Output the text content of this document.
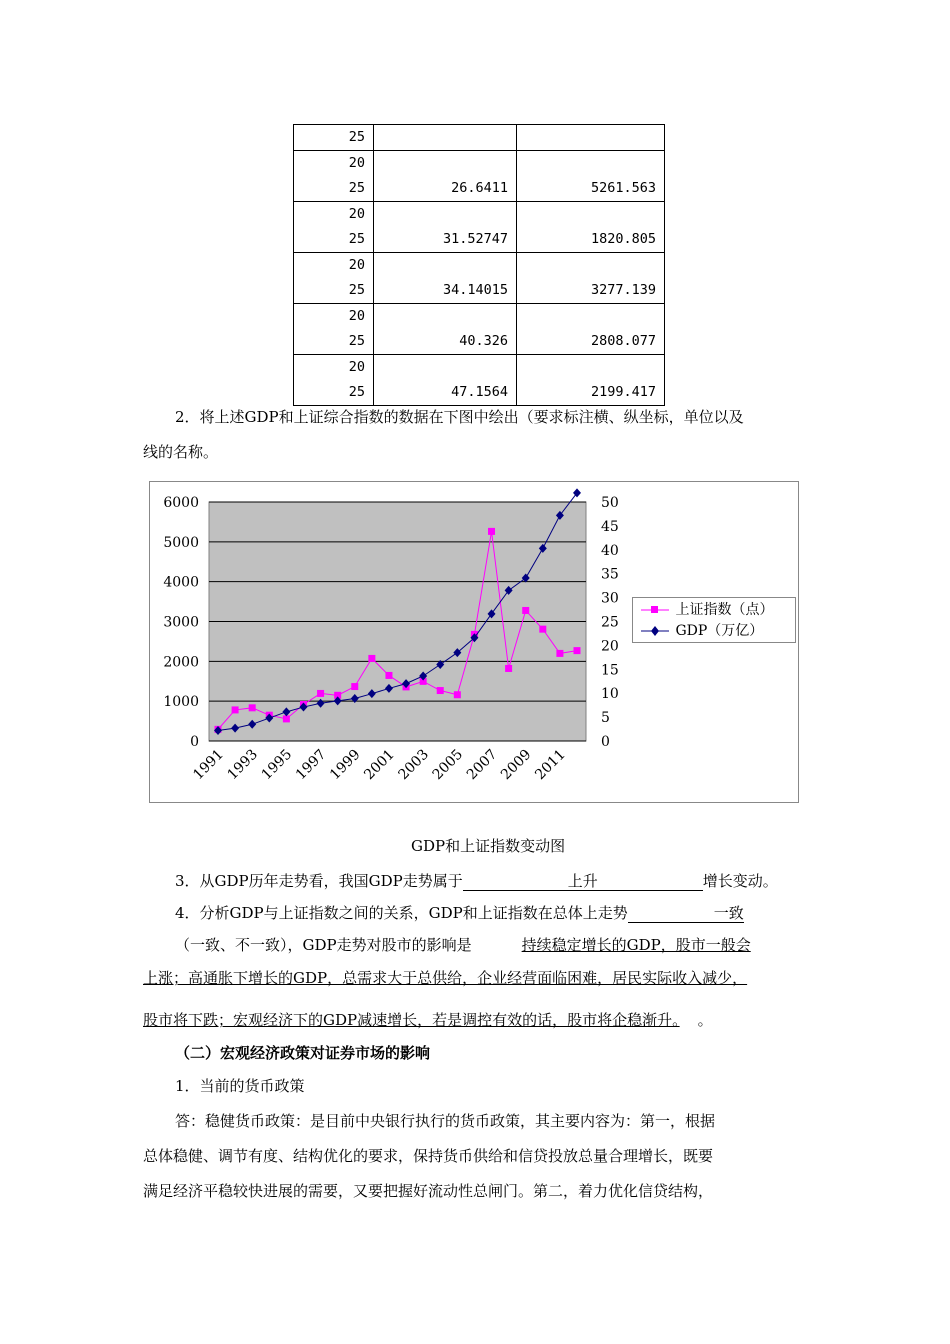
25		

20
25	26.6411	5261.563

20
25	31.52747	1820.805

20
25	34.14015	3277.139

20
25	40.326	2808.077

20
25	47.1564	2199.417
2．将上述GDP和上证综合指数的数据在下图中绘出（要求标注横、纵坐标，单位以及
线的名称。
0
1000
2000
3000
4000
5000
6000
0
5
10
15
20
25
30
35
40
45
50
1991
1993
1995
1997
1999
2001
2003
2005
2007
2009
2011
上证指数（点）
GDP（万亿）
GDP和上证指数变动图
3．从GDP历年走势看，我国GDP走势属于	上升	增长变动。
4．分析GDP与上证指数之间的关系，GDP和上证指数在总体上走势	一致
（一致、不一致），GDP走势对股市的影响是	持续稳定增长的GDP，股市一般会
上涨；高通胀下增长的GDP，总需求大于总供给，企业经营面临困难，居民实际收入减少，
股市将下跌；宏观经济下的GDP减速增长，若是调控有效的话，股市将企稳渐升。 。
（二）宏观经济政策对证券市场的影响
1．当前的货币政策
答：稳健货币政策：是目前中央银行执行的货币政策，其主要内容为：第一，根据
总体稳健、调节有度、结构优化的要求，保持货币供给和信贷投放总量合理增长，既要
满足经济平稳较快进展的需要，又要把握好流动性总闸门。第二，着力优化信贷结构，
